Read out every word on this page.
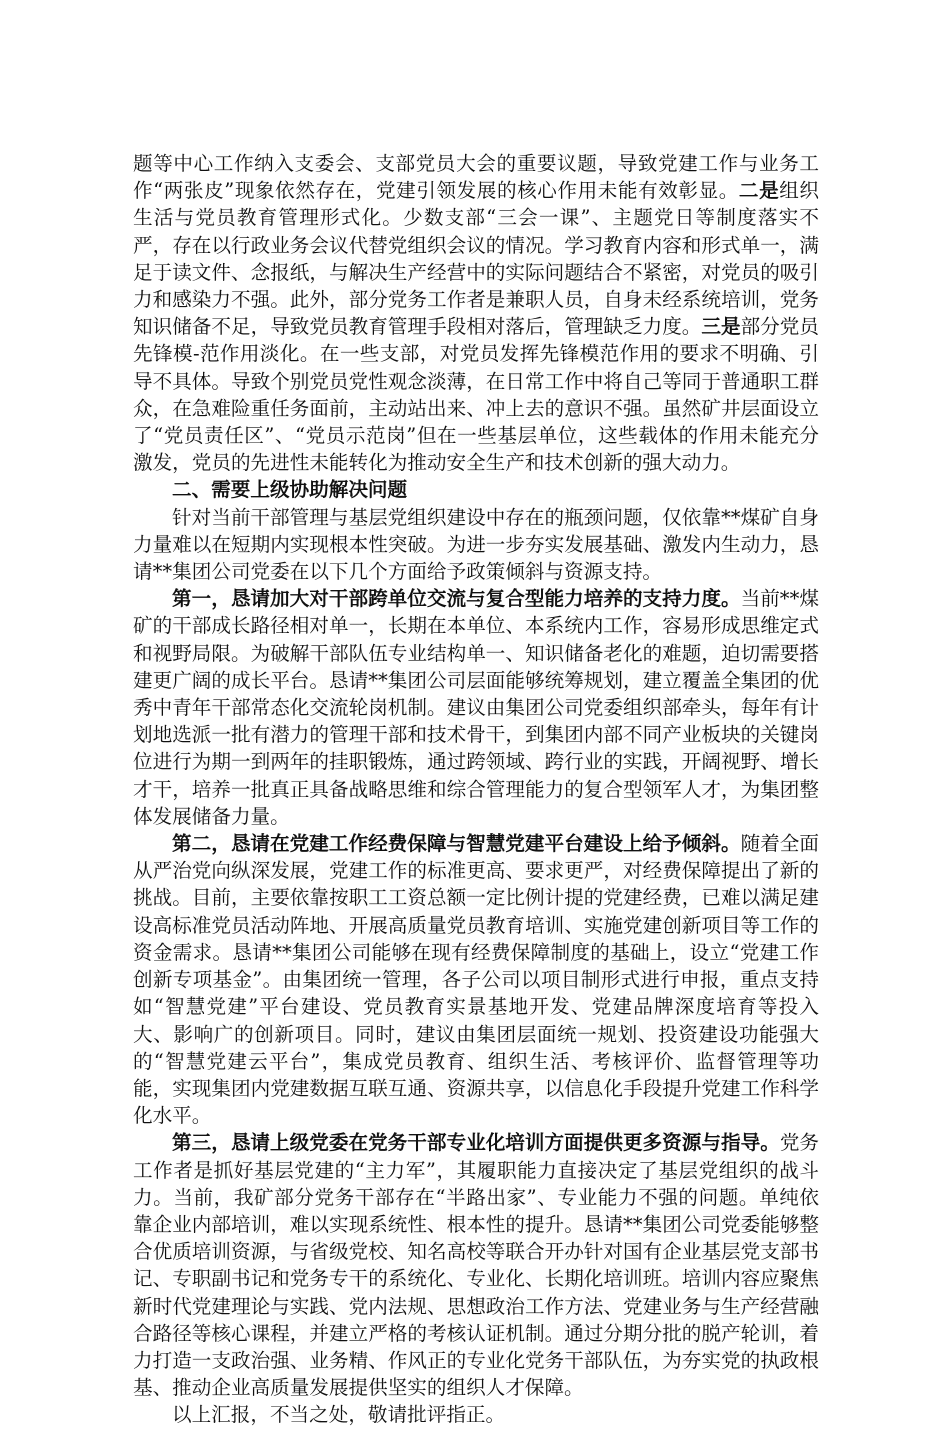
题等中心工作纳入支委会、支部党员大会的重要议题，导致党建工作与业务工作“两张皮”现象依然存在，党建引领发展的核心作用未能有效彰显。二是组织生活与党员教育管理形式化。少数支部“三会一课”、主题党日等制度落实不严，存在以行政业务会议代替党组织会议的情况。学习教育内容和形式单一，满足于读文件、念报纸，与解决生产经营中的实际问题结合不紧密，对党员的吸引力和感染力不强。此外，部分党务工作者是兼职人员，自身未经系统培训，党务知识储备不足，导致党员教育管理手段相对落后，管理缺乏力度。三是部分党员先锋模-范作用淡化。在一些支部，对党员发挥先锋模范作用的要求不明确、引导不具体。导致个别党员党性观念淡薄，在日常工作中将自己等同于普通职工群众，在急难险重任务面前，主动站出来、冲上去的意识不强。虽然矿井层面设立了“党员责任区”、“党员示范岗”但在一些基层单位，这些载体的作用未能充分激发，党员的先进性未能转化为推动安全生产和技术创新的强大动力。

二、需要上级协助解决问题

针对当前干部管理与基层党组织建设中存在的瓶颈问题，仅依靠**煤矿自身力量难以在短期内实现根本性突破。为进一步夯实发展基础、激发内生动力，恳请**集团公司党委在以下几个方面给予政策倾斜与资源支持。

第一，恳请加大对干部跨单位交流与复合型能力培养的支持力度。当前**煤矿的干部成长路径相对单一，长期在本单位、本系统内工作，容易形成思维定式和视野局限。为破解干部队伍专业结构单一、知识储备老化的难题，迫切需要搭建更广阔的成长平台。恳请**集团公司层面能够统筹规划，建立覆盖全集团的优秀中青年干部常态化交流轮岗机制。建议由集团公司党委组织部牵头，每年有计划地选派一批有潜力的管理干部和技术骨干，到集团内部不同产业板块的关键岗位进行为期一到两年的挂职锻炼，通过跨领域、跨行业的实践，开阔视野、增长才干，培养一批真正具备战略思维和综合管理能力的复合型领军人才，为集团整体发展储备力量。

第二，恳请在党建工作经费保障与智慧党建平台建设上给予倾斜。随着全面从严治党向纵深发展，党建工作的标准更高、要求更严，对经费保障提出了新的挑战。目前，主要依靠按职工工资总额一定比例计提的党建经费，已难以满足建设高标准党员活动阵地、开展高质量党员教育培训、实施党建创新项目等工作的资金需求。恳请**集团公司能够在现有经费保障制度的基础上，设立“党建工作创新专项基金”。由集团统一管理，各子公司以项目制形式进行申报，重点支持如“智慧党建”平台建设、党员教育实景基地开发、党建品牌深度培育等投入大、影响广的创新项目。同时，建议由集团层面统一规划、投资建设功能强大的“智慧党建云平台”，集成党员教育、组织生活、考核评价、监督管理等功能，实现集团内党建数据互联互通、资源共享，以信息化手段提升党建工作科学化水平。

第三，恳请上级党委在党务干部专业化培训方面提供更多资源与指导。党务工作者是抓好基层党建的“主力军”，其履职能力直接决定了基层党组织的战斗力。当前，我矿部分党务干部存在“半路出家”、专业能力不强的问题。单纯依靠企业内部培训，难以实现系统性、根本性的提升。恳请**集团公司党委能够整合优质培训资源，与省级党校、知名高校等联合开办针对国有企业基层党支部书记、专职副书记和党务专干的系统化、专业化、长期化培训班。培训内容应聚焦新时代党建理论与实践、党内法规、思想政治工作方法、党建业务与生产经营融合路径等核心课程，并建立严格的考核认证机制。通过分期分批的脱产轮训，着力打造一支政治强、业务精、作风正的专业化党务干部队伍，为夯实党的执政根基、推动企业高质量发展提供坚实的组织人才保障。

以上汇报，不当之处，敬请批评指正。
